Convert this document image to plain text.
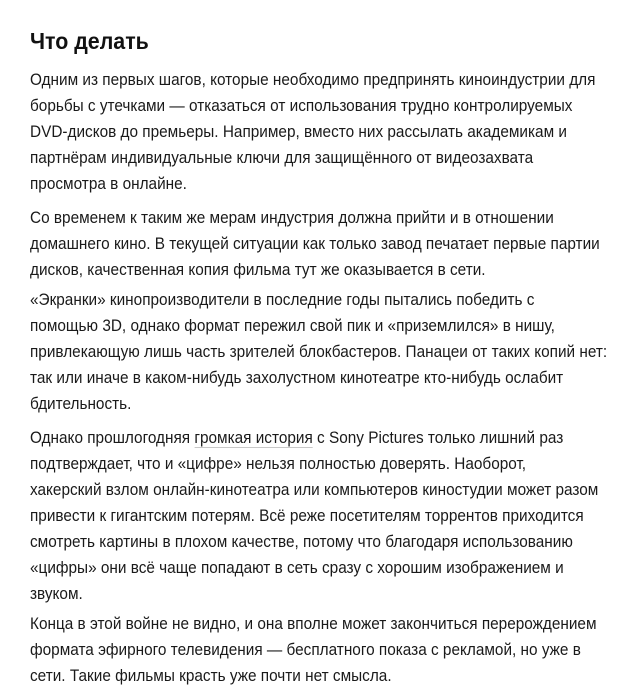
Что делать
Одним из первых шагов, которые необходимо предпринять киноиндустрии для
борьбы с утечками — отказаться от использования трудно контролируемых
DVD-дисков до премьеры. Например, вместо них рассылать академикам и
партнёрам индивидуальные ключи для защищённого от видеозахвата
просмотра в онлайне.
Со временем к таким же мерам индустрия должна прийти и в отношении
домашнего кино. В текущей ситуации как только завод печатает первые партии
дисков, качественная копия фильма тут же оказывается в сети.
«Экранки» кинопроизводители в последние годы пытались победить с
помощью 3D, однако формат пережил свой пик и «приземлился» в нишу,
привлекающую лишь часть зрителей блокбастеров. Панацеи от таких копий нет:
так или иначе в каком-нибудь захолустном кинотеатре кто-нибудь ослабит
бдительность.
Однако прошлогодняя громкая история с Sony Pictures только лишний раз
подтверждает, что и «цифре» нельзя полностью доверять. Наоборот,
хакерский взлом онлайн-кинотеатра или компьютеров киностудии может разом
привести к гигантским потерям. Всё реже посетителям торрентов приходится
смотреть картины в плохом качестве, потому что благодаря использованию
«цифры» они всё чаще попадают в сеть сразу с хорошим изображением и
звуком.
Конца в этой войне не видно, и она вполне может закончиться перерождением
формата эфирного телевидения — бесплатного показа с рекламой, но уже в
сети. Такие фильмы красть уже почти нет смысла.
